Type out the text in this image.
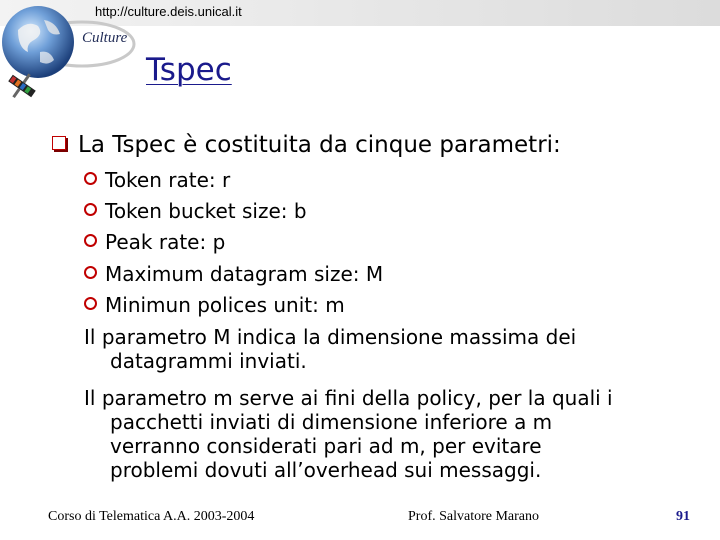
http://culture.deis.unical.it
Culture
Tspec
La Tspec è costituita da cinque parametri:
Token rate: r
Token bucket size: b
Peak rate: p
Maximum datagram size: M
Minimun polices unit: m
Il parametro M indica la dimensione massima dei
datagrammi inviati.
Il parametro m serve ai fini della policy, per la quali i
pacchetti inviati di dimensione inferiore a m
verranno considerati pari ad m, per evitare
problemi dovuti all’overhead sui messaggi.
Corso di Telematica A.A. 2003-2004	Prof. Salvatore Marano	91
